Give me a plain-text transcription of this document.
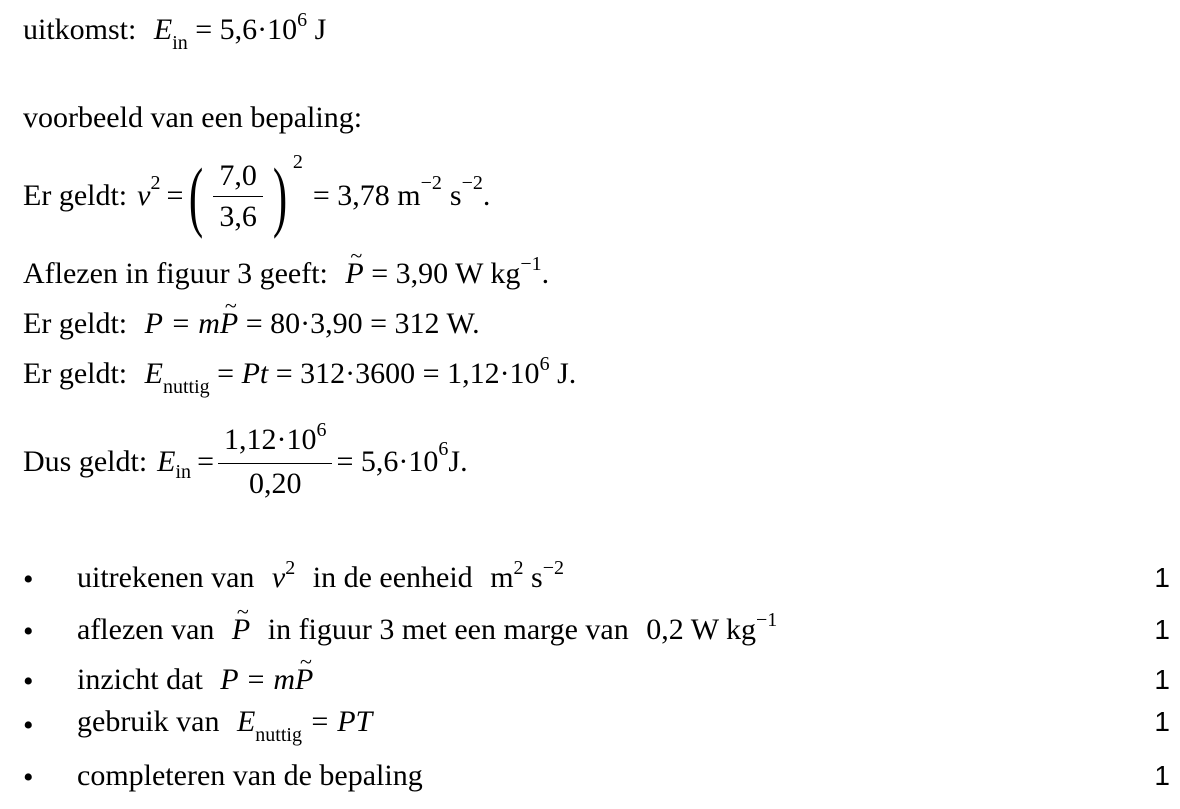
uitkomst: $E_{in} = 5,6\cdot 10^6$ J
voorbeeld van een bepaling:
Er geldt: v 2 = ( $\frac{7,0}{3,6}$ ) 2
= 3,78 m −2 s −2 .
Aflezen in figuur 3 geeft: ~ P = 3,90 W $kg^{-1}$.
Er geldt: P = m~ P = 80·3,90 = 312 W.
Er geldt: $E_{nuttig} = Pt = 312\cdot 3600 = 1,12\cdot 10^6$ J.
Dus geldt: E in = $\frac{1,12\cdot 10^6}{0,20} = 5,6\cdot 10$ 6 J.
• uitrekenen van $v^2$ in de eenheid $m^2$ $s^{-2}$	1
• aflezen van ~ P in figuur 3 met een marge van 0,2 W $kg^{-1}$	1
• inzicht dat P = m~ P	1
• gebruik van $E_{nuttig}$ = PT	1
• completeren van de bepaling	1
